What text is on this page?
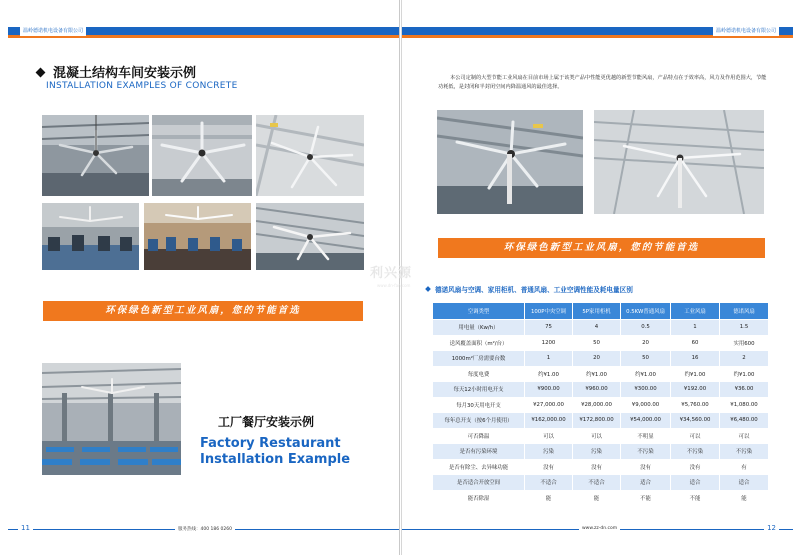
温岭德诺机电设备有限公司
混凝土结构车间安装示例
INSTALLATION EXAMPLES OF CONCRETE
环保绿色新型工业风扇，您的节能首选
工厂餐厅安装示例
Factory Restaurant
Installation Example
11	服务热线：400 186 0260
温岭德诺机电设备有限公司
本公司定制的大型节能工业风扇在目前市场上属于该类产品中性能更优越的新型节能风扇，产品特点在于效率高，风力及作用范围大，节能功耗低，是封闭和半封闭空间内降温通风的最佳选择。
环保绿色新型工业风扇，您的节能首选
德诺风扇与空调、家用柜机、普通风扇、工业空调性能及耗电量区别
空调类型	100P中央空调	5P家用柜机	0.5KW普通风扇	工业风扇	德诺风扇
用电量（Kw/h）	75	4	0.5	1	1.5
送风覆盖面积（m²/台）	1200	50	20	60	实用600
1000m²厂房需要台数	1	20	50	16	2
每度电费	约¥1.00	约¥1.00	约¥1.00	约¥1.00	约¥1.00
每天12小时用电开支	¥900.00	¥960.00	¥300.00	¥192.00	¥36.00
每月30天用电开支	¥27,000.00	¥28,000.00	¥9,000.00	¥5,760.00	¥1,080.00
每年总开支（按6个月使用）	¥162,000.00	¥172,800.00	¥54,000.00	¥34,560.00	¥6,480.00
可否降温	可以	可以	不明显	可以	可以
是否有污染环境	污染	污染	不污染	不污染	不污染
是否有除尘、去异味功能	没有	没有	没有	没有	有
是否适合开放空间	不适合	不适合	适合	适合	适合
能否除湿	能	能	不能	不能	能
www.zz-dn.com	12
利兴源
www.dn-fan.com
